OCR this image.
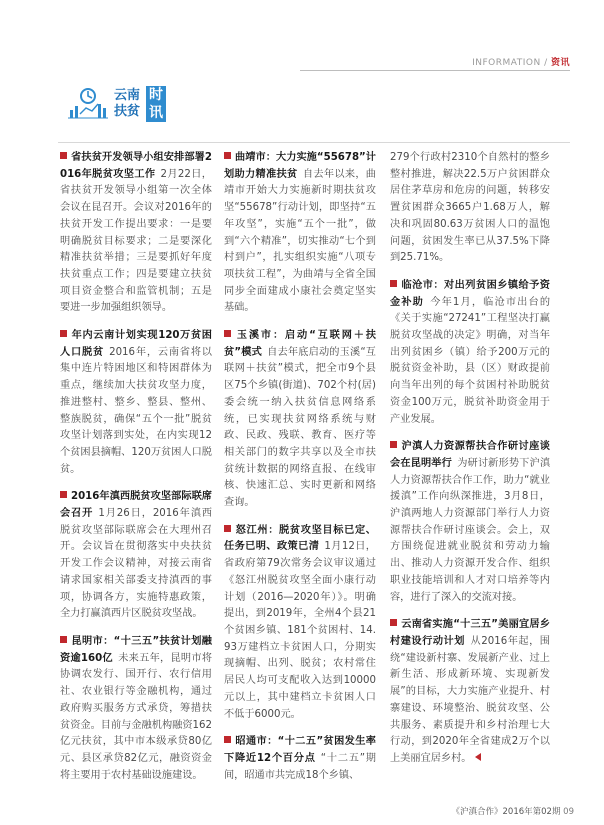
INFORMATION / 资讯
云南
扶贫
时
讯

省扶贫开发领导小组安排部署2016年脱贫攻坚工作  2月22日，省扶贫开发领导小组第一次全体会议在昆召开。会议对2016年的扶贫开发工作提出要求：一是要明确脱贫目标要求；二是要深化精准扶贫举措；三是要抓好年度扶贫重点工作；四是要建立扶贫项目资金整合和监管机制；五是要进一步加强组织领导。

年内云南计划实现120万贫困人口脱贫  2016年，云南省将以集中连片特困地区和特困群体为重点，继续加大扶贫攻坚力度，推进整村、整乡、整县、整州、整族脱贫，确保“五个一批”脱贫攻坚计划落到实处，在内实现12个贫困县摘帽、120万贫困人口脱贫。

2016年滇西脱贫攻坚部际联席会召开  1月26日，2016年滇西脱贫攻坚部际联席会在大理州召开。会议旨在贯彻落实中央扶贫开发工作会议精神，对接云南省请求国家相关部委支持滇西的事项，协调各方，实施特惠政策，全力打赢滇西片区脱贫攻坚战。

昆明市：“十三五”扶贫计划融资逾160亿  未来五年，昆明市将协调农发行、国开行、农行信用社、农业银行等金融机构，通过政府购买服务方式承贷，筹措扶贫资金。目前与金融机构融资162亿元扶贫，其中市本级承贷80亿元、县区承贷82亿元，融资资金将主要用于农村基础设施建设。

曲靖市：大力实施“55678”计划助力精准扶贫  自去年以来，曲靖市开始大力实施新时期扶贫攻坚“55678”行动计划，即坚持“五年攻坚”，实施“五个一批”，做到“六个精准”，切实推动“七个到村到户”，扎实组织实施“八项专项扶贫工程”，为曲靖与全省全国同步全面建成小康社会奠定坚实基础。

玉溪市：启动“互联网＋扶贫”模式  自去年底启动的玉溪“互联网＋扶贫”模式，把全市9个县区75个乡镇(街道)、702个村(居)委会统一纳入扶贫信息网络系统，已实现扶贫网络系统与财政、民政、残联、教育、医疗等相关部门的数字共享以及全市扶贫统计数据的网络直报、在线审核、快速汇总、实时更新和网络查询。

怒江州：脱贫攻坚目标已定、任务已明、政策已清  1月12日，省政府第79次常务会议审议通过《怒江州脱贫攻坚全面小康行动计划（2016—2020年）》。明确提出，到2019年，全州4个县21个贫困乡镇、181个贫困村、14.93万建档立卡贫困人口，分期实现摘帽、出列、脱贫；农村常住居民人均可支配收入达到10000元以上，其中建档立卡贫困人口不低于6000元。

昭通市：“十二五”贫困发生率下降近12个百分点  “十二五”期间，昭通市共完成18个乡镇、

279个行政村2310个自然村的整乡整村推进，解决22.5万户贫困群众居住茅草房和危房的问题，转移安置贫困群众3665户1.68万人，解决和巩固80.63万贫困人口的温饱问题，贫困发生率已从37.5%下降到25.71%。

临沧市：对出列贫困乡镇给予资金补助  今年1月，临沧市出台的《关于实施“27241”工程坚决打赢脱贫攻坚战的决定》明确，对当年出列贫困乡（镇）给予200万元的脱贫资金补助，县（区）财政提前向当年出列的每个贫困村补助脱贫资金100万元，脱贫补助资金用于产业发展。

沪滇人力资源帮扶合作研讨座谈会在昆明举行  为研讨新形势下沪滇人力资源帮扶合作工作，助力“就业援滇”工作向纵深推进，3月8日，沪滇两地人力资源部门举行人力资源帮扶合作研讨座谈会。会上，双方围绕促进就业脱贫和劳动力输出、推动人力资源开发合作、组织职业技能培训和人才对口培养等内容，进行了深入的交流对接。

云南省实施“十三五”美丽宜居乡村建设行动计划  从2016年起，围绕“建设新村寨、发展新产业、过上新生活、形成新环境、实现新发展”的目标，大力实施产业提升、村寨建设、环境整治、脱贫攻坚、公共服务、素质提升和乡村治理七大行动，到2020年全省建成2万个以上美丽宜居乡村。

《沪滇合作》2016年第02期 09
